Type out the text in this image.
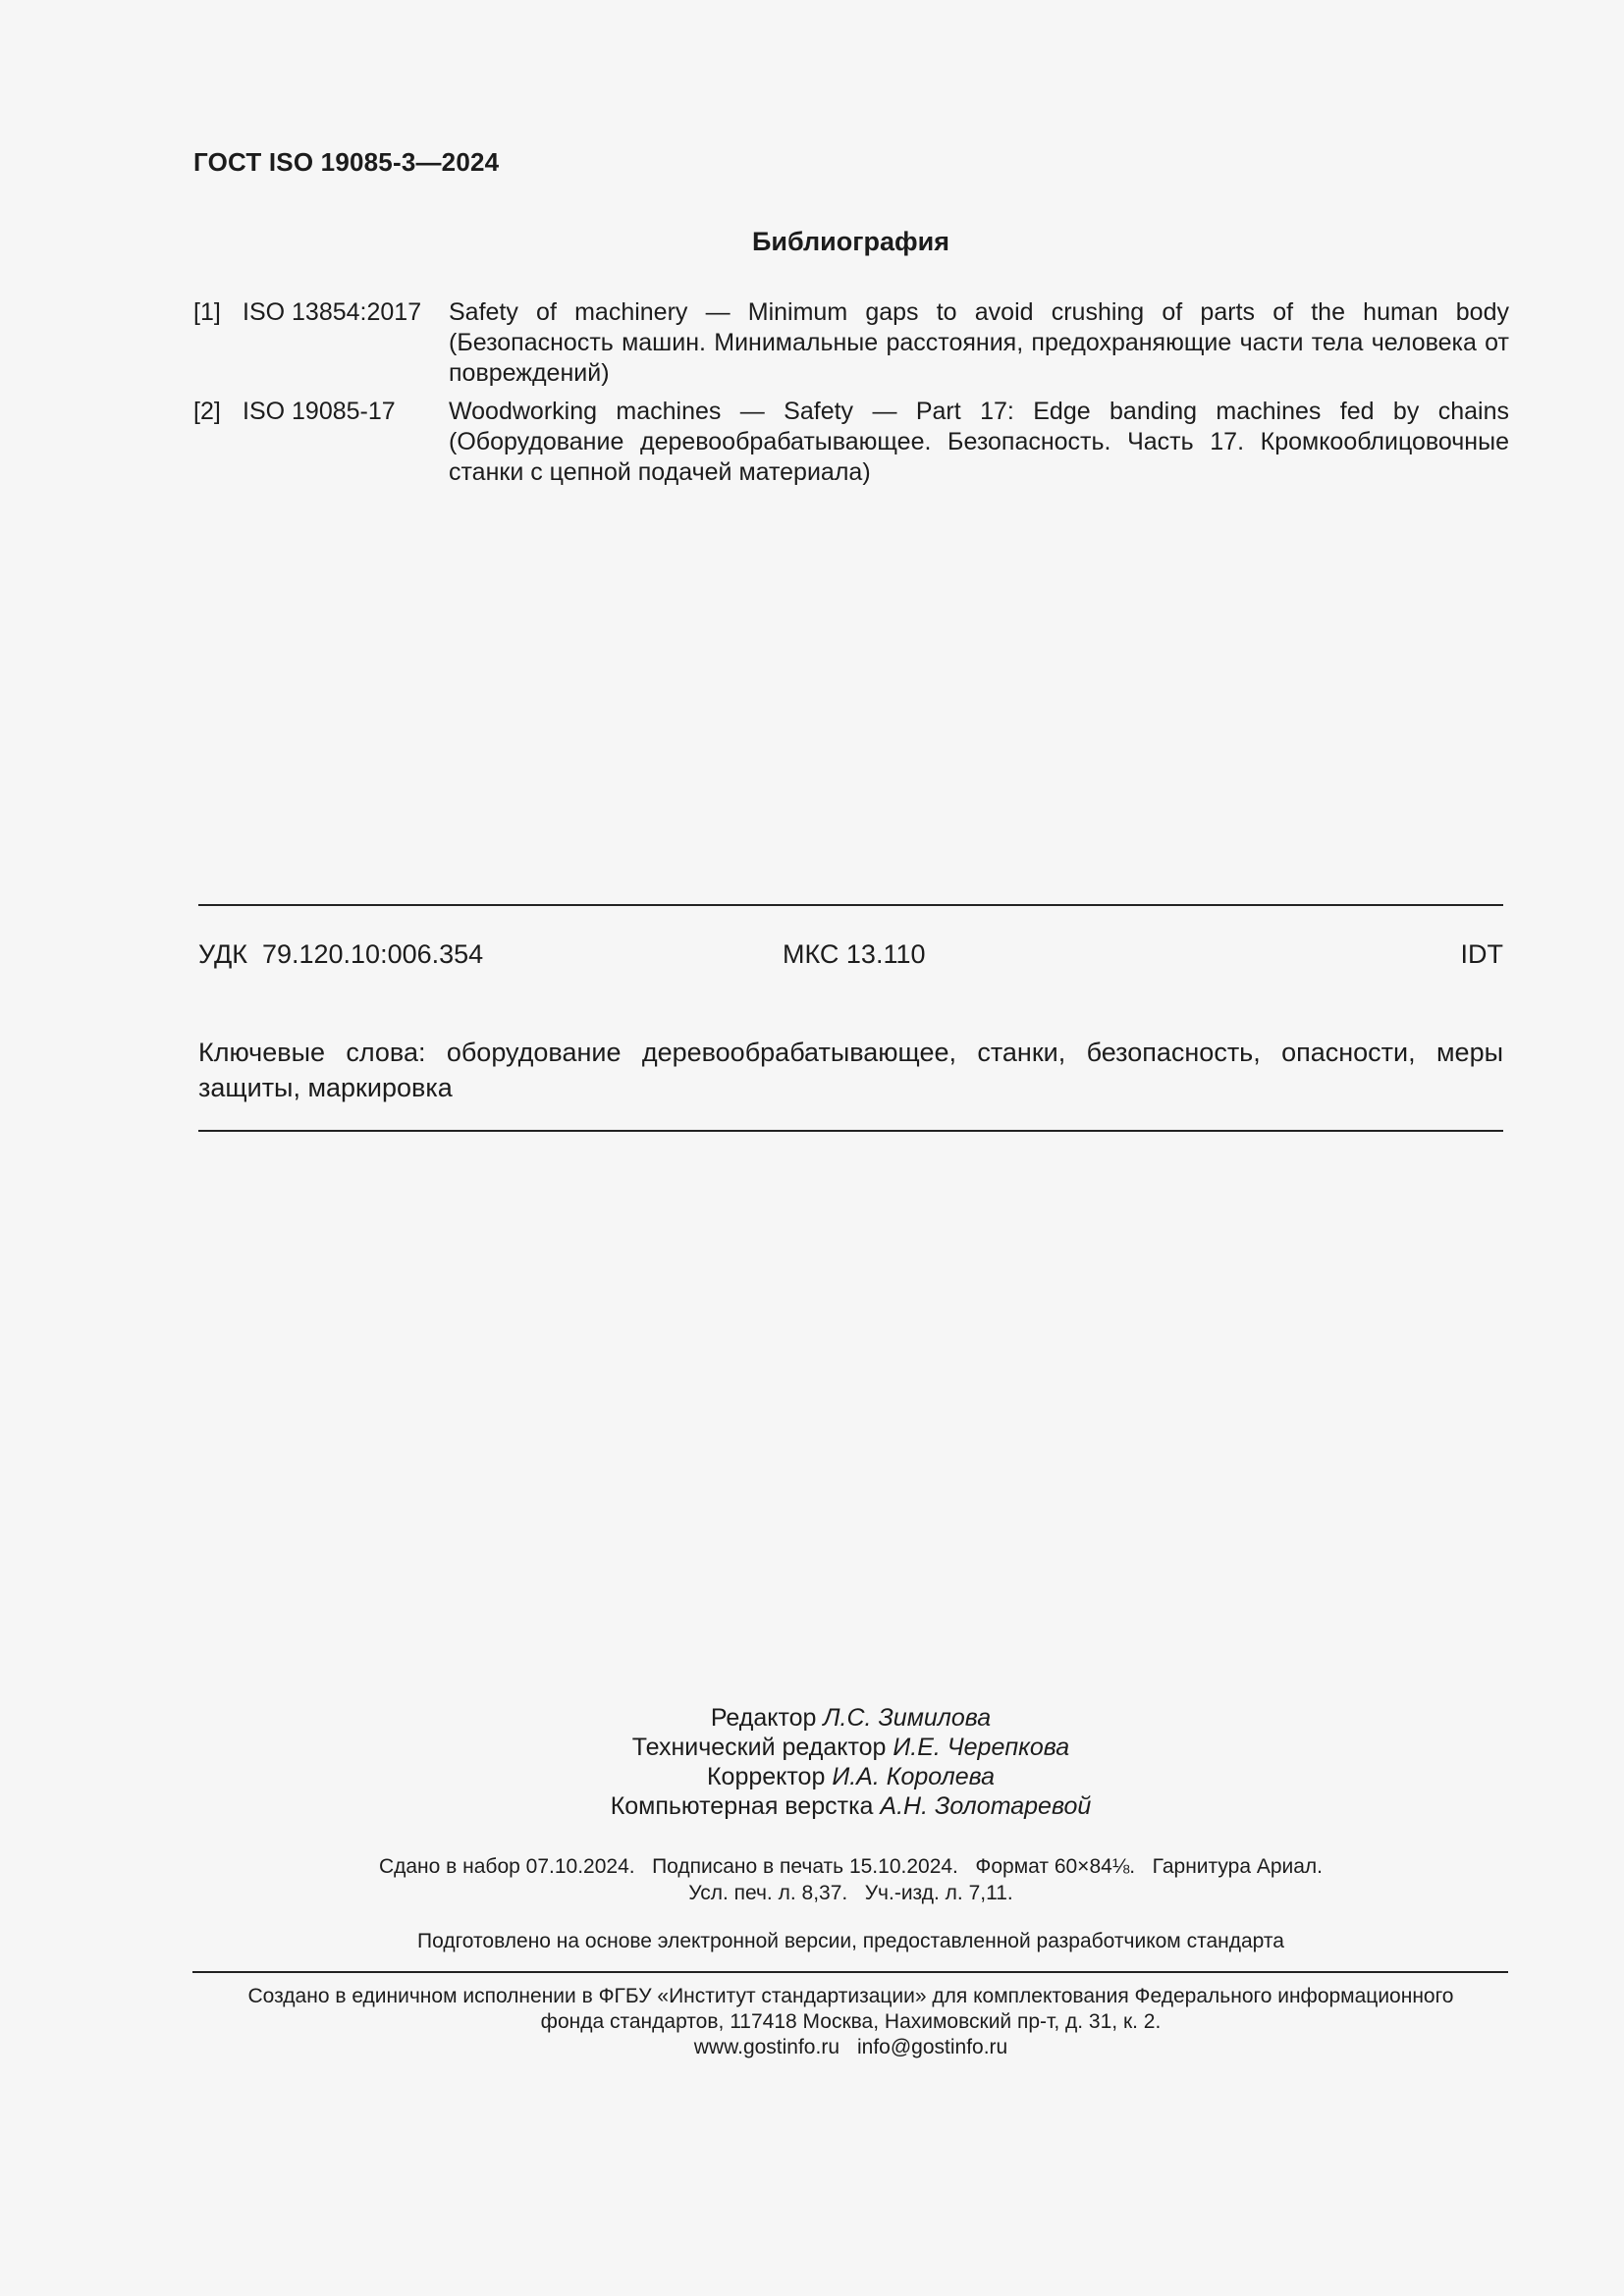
ГОСТ ISO 19085-3—2024
Библиография
[1] ISO 13854:2017 Safety of machinery — Minimum gaps to avoid crushing of parts of the human body (Безопасность машин. Минимальные расстояния, предохраняющие части тела человека от повреждений)
[2] ISO 19085-17 Woodworking machines — Safety — Part 17: Edge banding machines fed by chains (Оборудование деревообрабатывающее. Безопасность. Часть 17. Кромкооблицовочные станки с цепной подачей материала)
УДК  79.120.10:006.354	МКС 13.110	IDT
Ключевые слова: оборудование деревообрабатывающее, станки, безопасность, опасности, меры защиты, маркировка
Редактор Л.С. Зимилова
Технический редактор И.Е. Черепкова
Корректор И.А. Королева
Компьютерная верстка А.Н. Золотаревой
Сдано в набор 07.10.2024.   Подписано в печать 15.10.2024.   Формат 60×84⅛.   Гарнитура Ариал.
Усл. печ. л. 8,37.   Уч.-изд. л. 7,11.
Подготовлено на основе электронной версии, предоставленной разработчиком стандарта
Создано в единичном исполнении в ФГБУ «Институт стандартизации» для комплектования Федерального информационного
фонда стандартов, 117418 Москва, Нахимовский пр-т, д. 31, к. 2.
www.gostinfo.ru info@gostinfo.ru
